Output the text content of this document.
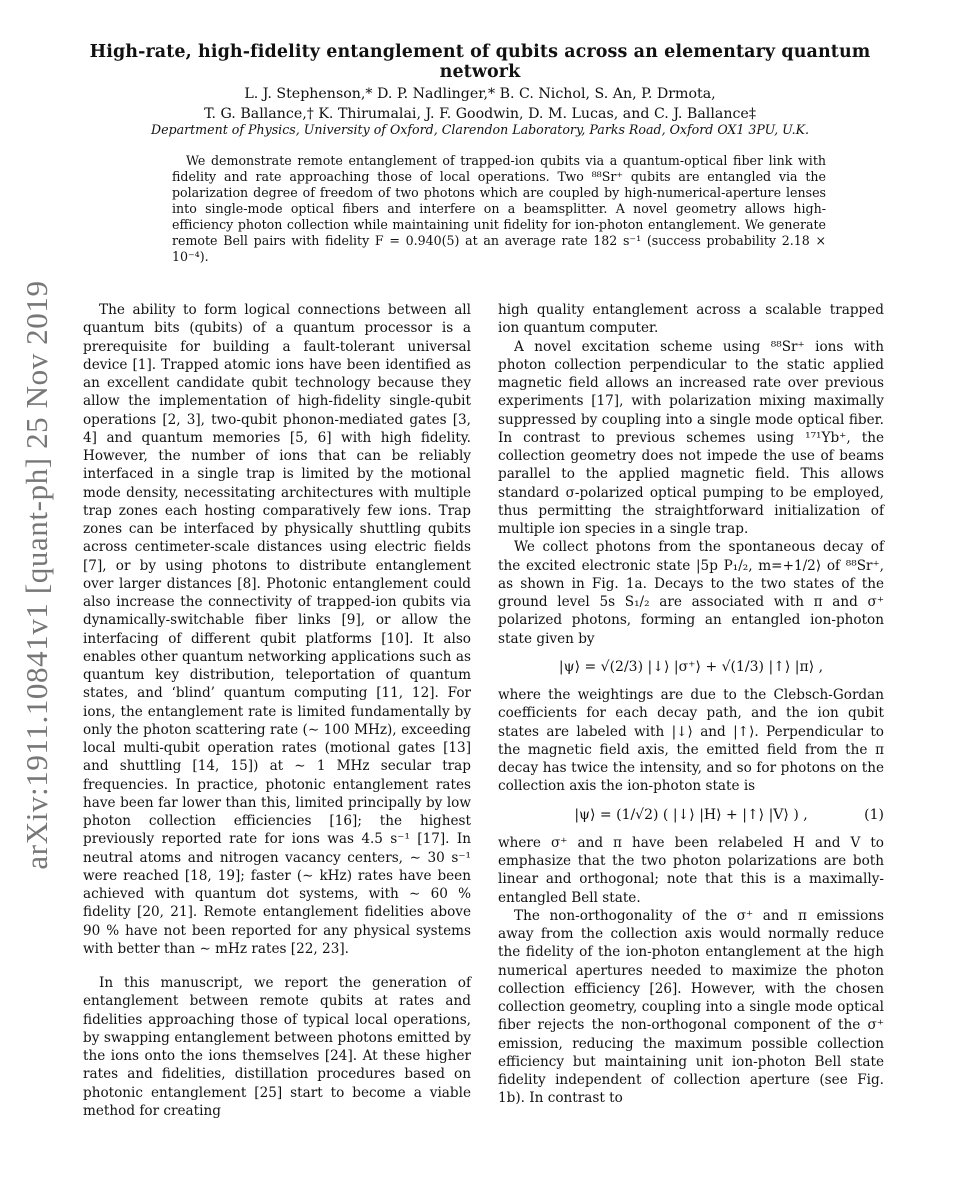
High-rate, high-fidelity entanglement of qubits across an elementary quantum network
L. J. Stephenson,* D. P. Nadlinger,* B. C. Nichol, S. An, P. Drmota,
T. G. Ballance,† K. Thirumalai, J. F. Goodwin, D. M. Lucas, and C. J. Ballance‡
Department of Physics, University of Oxford, Clarendon Laboratory, Parks Road, Oxford OX1 3PU, U.K.
We demonstrate remote entanglement of trapped-ion qubits via a quantum-optical fiber link with fidelity and rate approaching those of local operations. Two ⁸⁸Sr⁺ qubits are entangled via the polarization degree of freedom of two photons which are coupled by high-numerical-aperture lenses into single-mode optical fibers and interfere on a beamsplitter. A novel geometry allows high-efficiency photon collection while maintaining unit fidelity for ion-photon entanglement. We generate remote Bell pairs with fidelity F = 0.940(5) at an average rate 182 s⁻¹ (success probability 2.18 × 10⁻⁴).
arXiv:1911.10841v1 [quant-ph] 25 Nov 2019	The ability to form logical connections between all quantum bits (qubits) of a quantum processor is a prerequisite for building a fault-tolerant universal device [1]. Trapped atomic ions have been identified as an excellent candidate qubit technology because they allow the implementation of high-fidelity single-qubit operations [2, 3], two-qubit phonon-mediated gates [3, 4] and quantum memories [5, 6] with high fidelity. However, the number of ions that can be reliably interfaced in a single trap is limited by the motional mode density, necessitating architectures with multiple trap zones each hosting comparatively few ions. Trap zones can be interfaced by physically shuttling qubits across centimeter-scale distances using electric fields [7], or by using photons to distribute entanglement over larger distances [8]. Photonic entanglement could also increase the connectivity of trapped-ion qubits via dynamically-switchable fiber links [9], or allow the interfacing of different qubit platforms [10]. It also enables other quantum networking applications such as quantum key distribution, teleportation of quantum states, and ‘blind’ quantum computing [11, 12]. For ions, the entanglement rate is limited fundamentally by only the photon scattering rate (∼ 100 MHz), exceeding local multi-qubit operation rates (motional gates [13] and shuttling [14, 15]) at ∼ 1 MHz secular trap frequencies. In practice, photonic entanglement rates have been far lower than this, limited principally by low photon collection efficiencies [16]; the highest previously reported rate for ions was 4.5 s⁻¹ [17]. In neutral atoms and nitrogen vacancy centers, ∼ 30 s⁻¹ were reached [18, 19]; faster (∼ kHz) rates have been achieved with quantum dot systems, with ∼ 60 % fidelity [20, 21]. Remote entanglement fidelities above 90 % have not been reported for any physical systems with better than ∼ mHz rates [22, 23].

In this manuscript, we report the generation of entanglement between remote qubits at rates and fidelities approaching those of typical local operations, by swapping entanglement between photons emitted by the ions onto the ions themselves [24]. At these higher rates and fidelities, distillation procedures based on photonic entanglement [25] start to become a viable method for creating

high quality entanglement across a scalable trapped ion quantum computer.

A novel excitation scheme using ⁸⁸Sr⁺ ions with photon collection perpendicular to the static applied magnetic field allows an increased rate over previous experiments [17], with polarization mixing maximally suppressed by coupling into a single mode optical fiber. In contrast to previous schemes using ¹⁷¹Yb⁺, the collection geometry does not impede the use of beams parallel to the applied magnetic field. This allows standard σ-polarized optical pumping to be employed, thus permitting the straightforward initialization of multiple ion species in a single trap.

We collect photons from the spontaneous decay of the excited electronic state |5p P₁/₂, m=+1/2⟩ of ⁸⁸Sr⁺, as shown in Fig. 1a. Decays to the two states of the ground level 5s S₁/₂ are associated with π and σ⁺ polarized photons, forming an entangled ion-photon state given by

|ψ⟩ = √(2/3) |↓⟩ |σ⁺⟩ + √(1/3) |↑⟩ |π⟩ ,

where the weightings are due to the Clebsch-Gordan coefficients for each decay path, and the ion qubit states are labeled with |↓⟩ and |↑⟩. Perpendicular to the magnetic field axis, the emitted field from the π decay has twice the intensity, and so for photons on the collection axis the ion-photon state is

|ψ⟩ = (1/√2) ( |↓⟩ |H⟩ + |↑⟩ |V⟩ ) ,	(1)

where σ⁺ and π have been relabeled H and V to emphasize that the two photon polarizations are both linear and orthogonal; note that this is a maximally-entangled Bell state.

The non-orthogonality of the σ⁺ and π emissions away from the collection axis would normally reduce the fidelity of the ion-photon entanglement at the high numerical apertures needed to maximize the photon collection efficiency [26]. However, with the chosen collection geometry, coupling into a single mode optical fiber rejects the non-orthogonal component of the σ⁺ emission, reducing the maximum possible collection efficiency but maintaining unit ion-photon Bell state fidelity independent of collection aperture (see Fig. 1b). In contrast to
